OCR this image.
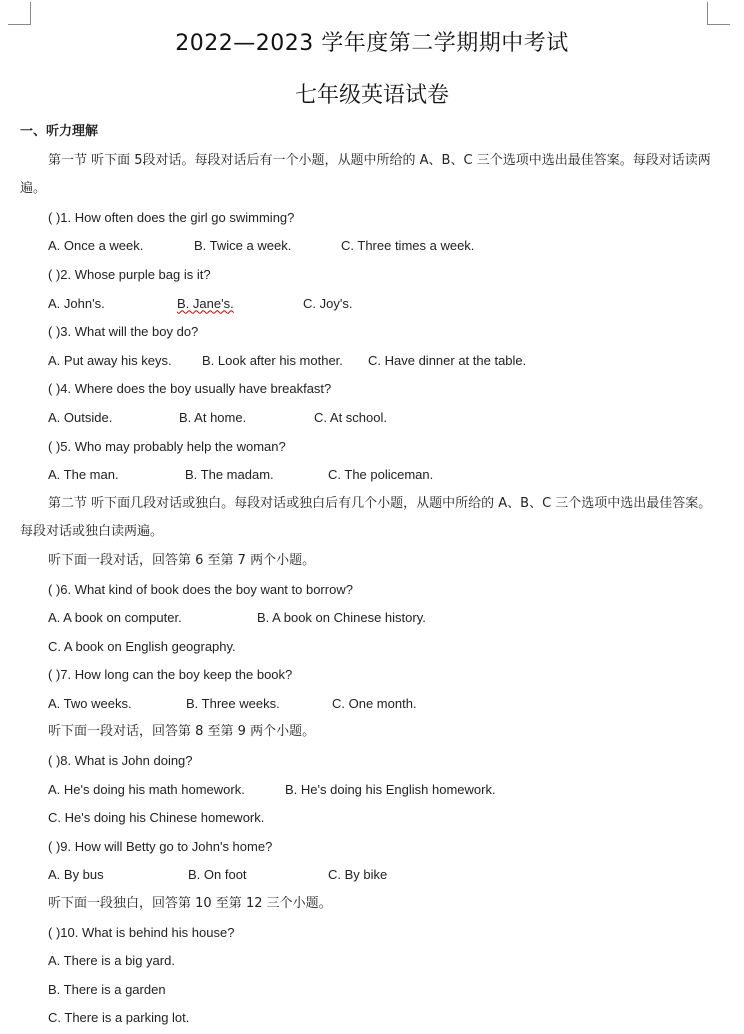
2022—2023 学年度第二学期期中考试
七年级英语试卷
一、听力理解
第一节 听下面 5段对话。每段对话后有一个小题，从题中所给的 A、B、C 三个选项中选出最佳答案。每段对话读两遍。
( )1. How often does the girl go swimming?
A. Once a week.	B. Twice a week.	C. Three times a week.
( )2. Whose purple bag is it?
A. John's.	B. Jane's.	C. Joy's.
( )3. What will the boy do?
A. Put away his keys. B. Look after his mother. C. Have dinner at the table.
( )4. Where does the boy usually have breakfast?
A. Outside.	B. At home.	C. At school.
( )5. Who may probably help the woman?
A. The man.	B. The madam.	C. The policeman.
第二节 听下面几段对话或独白。每段对话或独白后有几个小题，从题中所给的 A、B、C 三个选项中选出最佳答案。每段对话或独白读两遍。
听下面一段对话，回答第 6 至第 7 两个小题。
( )6. What kind of book does the boy want to borrow?
A. A book on computer.	B. A book on Chinese history.
C. A book on English geography.
( )7. How long can the boy keep the book?
A. Two weeks.	B. Three weeks.	C. One month.
听下面一段对话，回答第 8 至第 9 两个小题。
( )8. What is John doing?
A. He's doing his math homework.	B. He's doing his English homework.
C. He's doing his Chinese homework.
( )9. How will Betty go to John's home?
A. By bus	B. On foot	C. By bike
听下面一段独白，回答第 10 至第 12 三个小题。
( )10. What is behind his house?
A. There is a big yard.
B. There is a garden
C. There is a parking lot.
